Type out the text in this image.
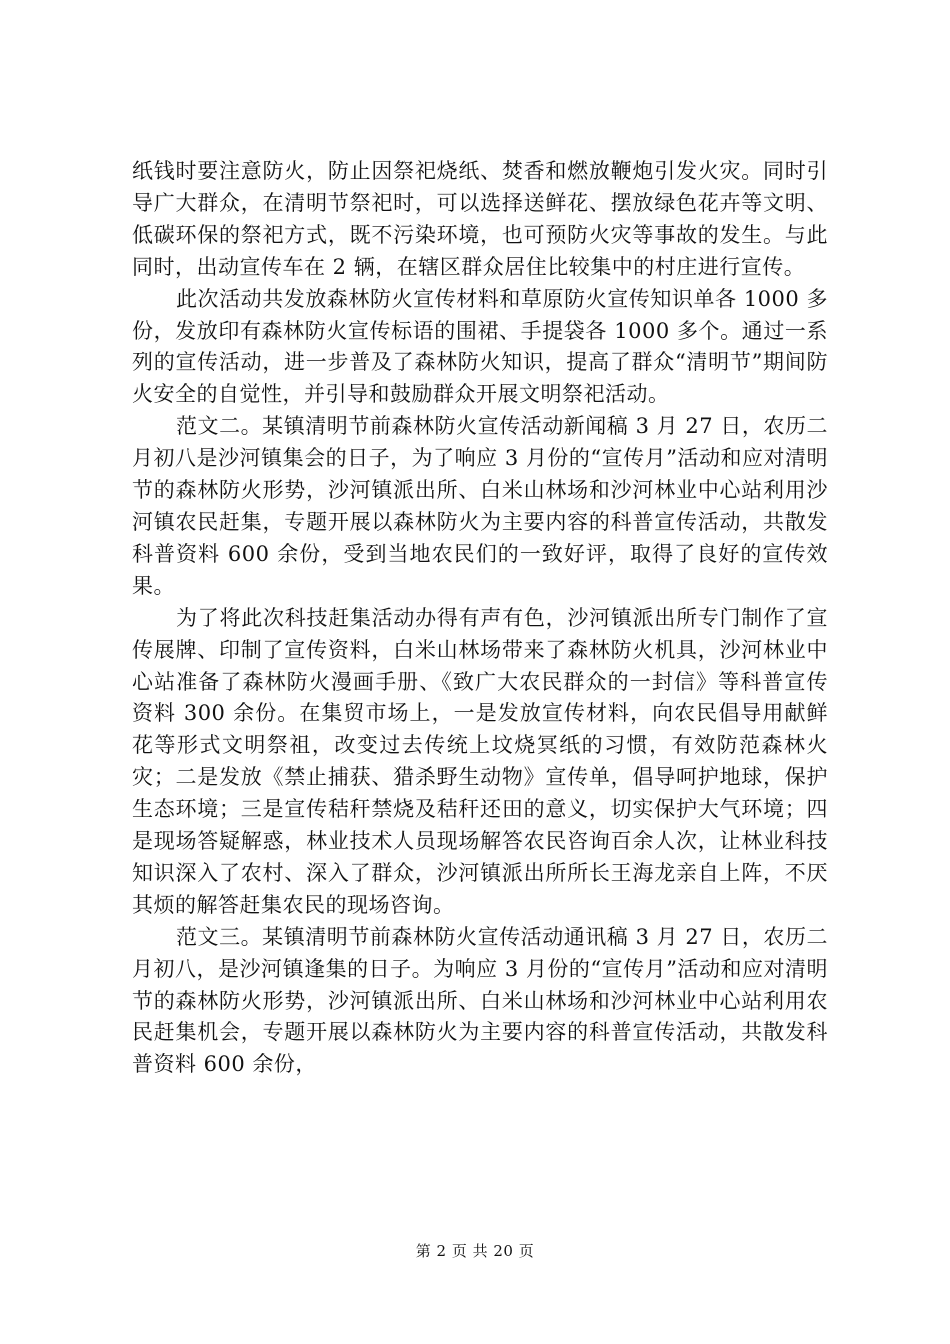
纸钱时要注意防火，防止因祭祀烧纸、焚香和燃放鞭炮引发火灾。同时引导广大群众，在清明节祭祀时，可以选择送鲜花、摆放绿色花卉等文明、低碳环保的祭祀方式，既不污染环境，也可预防火灾等事故的发生。与此同时，出动宣传车在 2 辆，在辖区群众居住比较集中的村庄进行宣传。

此次活动共发放森林防火宣传材料和草原防火宣传知识单各 1000 多份，发放印有森林防火宣传标语的围裙、手提袋各 1000 多个。通过一系列的宣传活动，进一步普及了森林防火知识，提高了群众“清明节”期间防火安全的自觉性，并引导和鼓励群众开展文明祭祀活动。

范文二。某镇清明节前森林防火宣传活动新闻稿 3 月 27 日，农历二月初八是沙河镇集会的日子，为了响应 3 月份的“宣传月”活动和应对清明节的森林防火形势，沙河镇派出所、白米山林场和沙河林业中心站利用沙河镇农民赶集，专题开展以森林防火为主要内容的科普宣传活动，共散发科普资料 600 余份，受到当地农民们的一致好评，取得了良好的宣传效果。

为了将此次科技赶集活动办得有声有色，沙河镇派出所专门制作了宣传展牌、印制了宣传资料，白米山林场带来了森林防火机具，沙河林业中心站准备了森林防火漫画手册、《致广大农民群众的一封信》等科普宣传资料 300 余份。在集贸市场上，一是发放宣传材料，向农民倡导用献鲜花等形式文明祭祖，改变过去传统上坟烧冥纸的习惯，有效防范森林火灾；二是发放《禁止捕获、猎杀野生动物》宣传单，倡导呵护地球，保护生态环境；三是宣传秸秆禁烧及秸秆还田的意义，切实保护大气环境；四是现场答疑解惑，林业技术人员现场解答农民咨询百余人次，让林业科技知识深入了农村、深入了群众，沙河镇派出所所长王海龙亲自上阵，不厌其烦的解答赶集农民的现场咨询。

范文三。某镇清明节前森林防火宣传活动通讯稿 3 月 27 日，农历二月初八，是沙河镇逢集的日子。为响应 3 月份的“宣传月”活动和应对清明节的森林防火形势，沙河镇派出所、白米山林场和沙河林业中心站利用农民赶集机会，专题开展以森林防火为主要内容的科普宣传活动，共散发科普资料 600 余份，

第 2 页 共 20 页
